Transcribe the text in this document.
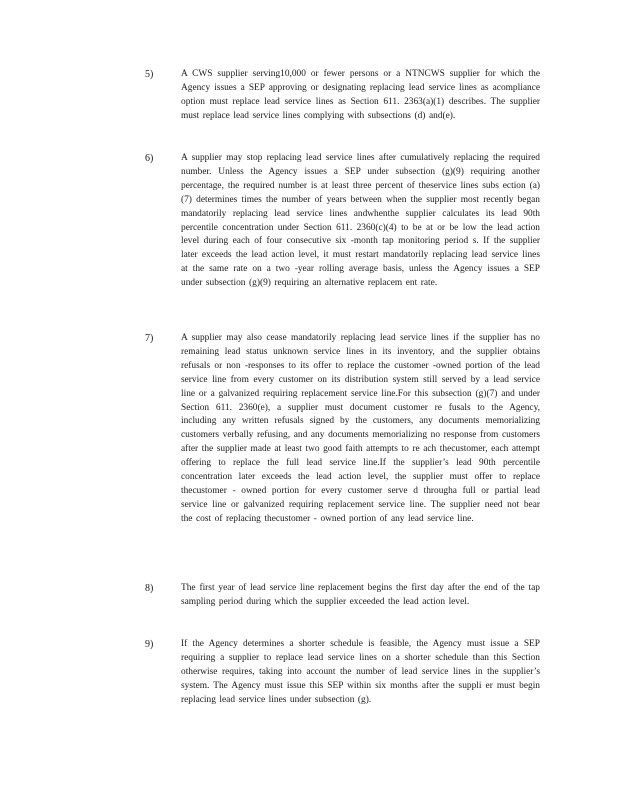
5)	A CWS supplier serving10,000 or fewer persons or a NTNCWS supplier for which the Agency issues a SEP approving or designating replacing lead service lines as acompliance option must replace lead service lines as Section 611. 2363(a)(1) describes. The supplier must replace lead service lines complying with subsections (d) and(e).
6)	A supplier may stop replacing lead service lines after cumulatively replacing the required number. Unless the Agency issues a SEP under subsection (g)(9) requiring another percentage, the required number is at least three percent of theservice lines subs ection (a)(7) determines times the number of years between when the supplier most recently began mandatorily replacing lead service lines andwhenthe supplier calculates its lead 90th percentile concentration under Section 611. 2360(c)(4) to be at or be low the lead action level during each of four consecutive six -month tap monitoring period s. If the supplier later exceeds the lead action level, it must restart mandatorily replacing lead service lines at the same rate on a two -year rolling average basis, unless the Agency issues a SEP under subsection (g)(9) requiring an alternative replacem ent rate.
7)	A supplier may also cease mandatorily replacing lead service lines if the supplier has no remaining lead status unknown service lines in its inventory, and the supplier obtains refusals or non -responses to its offer to replace the customer -owned portion of the lead service line from every customer on its distribution system still served by a lead service line or a galvanized requiring replacement service line.For this subsection (g)(7) and under Section 611. 2360(e), a supplier must document customer re fusals to the Agency, including any written refusals signed by the customers, any documents memorializing customers verbally refusing, and any documents memorializing no response from customers after the supplier made at least two good faith attempts to re ach thecustomer, each attempt offering to replace the full lead service line.If the supplier’s lead 90th percentile concentration later exceeds the lead action level, the supplier must offer to replace thecustomer - owned portion for every customer serve d througha full or partial lead service line or galvanized requiring replacement service line. The supplier need not bear the cost of replacing thecustomer - owned portion of any lead service line.
8)	The first year of lead service line replacement begins the first day after the end of the tap sampling period during which the supplier exceeded the lead action level.
9)	If the Agency determines a shorter schedule is feasible, the Agency must issue a SEP requiring a supplier to replace lead service lines on a shorter schedule than this Section otherwise requires, taking into account the number of lead service lines in the supplier’s system. The Agency must issue this SEP within six months after the suppli er must begin replacing lead service lines under subsection (g).
